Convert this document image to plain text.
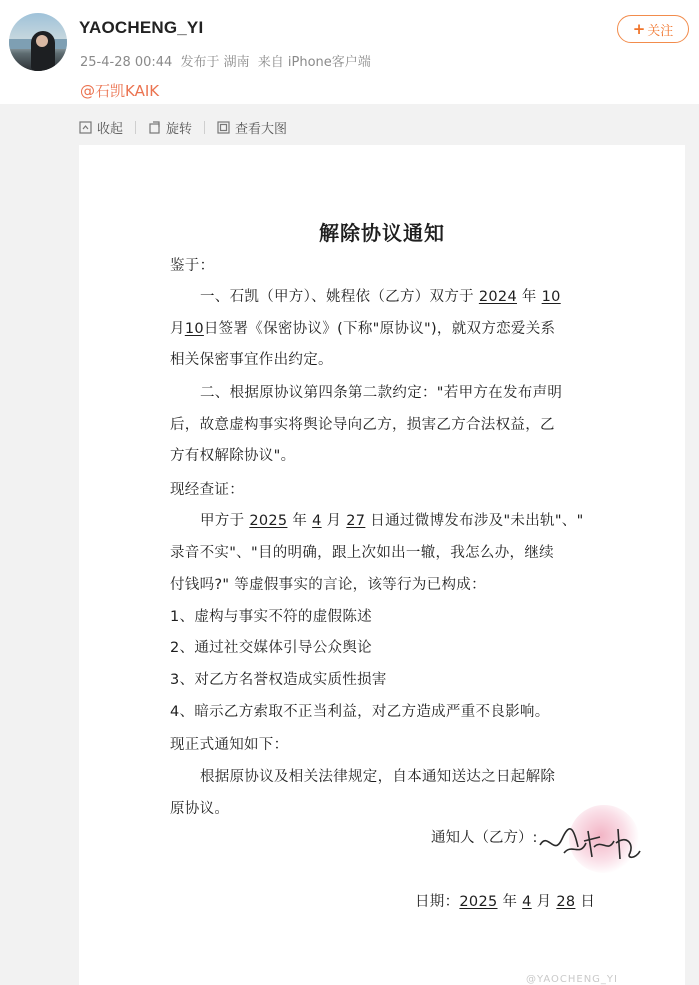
YAOCHENG_YI
25-4-28 00:44 发布于 湖南 来自 iPhone客户端
+ 关注
@石凯KAIK
收起	旋转	查看大图
解除协议通知
鉴于：
一、石凯（甲方）、姚程依（乙方）双方于 2024 年 10
月10日签署《保密协议》(下称"原协议")，就双方恋爱关系
相关保密事宜作出约定。
二、根据原协议第四条第二款约定："若甲方在发布声明
后，故意虚构事实将舆论导向乙方，损害乙方合法权益，乙
方有权解除协议"。
现经查证：
甲方于 2025 年 4 月 27 日通过微博发布涉及"未出轨"、"
录音不实"、"目的明确，跟上次如出一辙，我怎么办，继续
付钱吗?" 等虚假事实的言论，该等行为已构成：
1、虚构与事实不符的虚假陈述
2、通过社交媒体引导公众舆论
3、对乙方名誉权造成实质性损害
4、暗示乙方索取不正当利益，对乙方造成严重不良影响。
现正式通知如下：
根据原协议及相关法律规定，自本通知送达之日起解除
原协议。
通知人（乙方）:
日期：2025 年 4 月 28 日
@YAOCHENG_YI
